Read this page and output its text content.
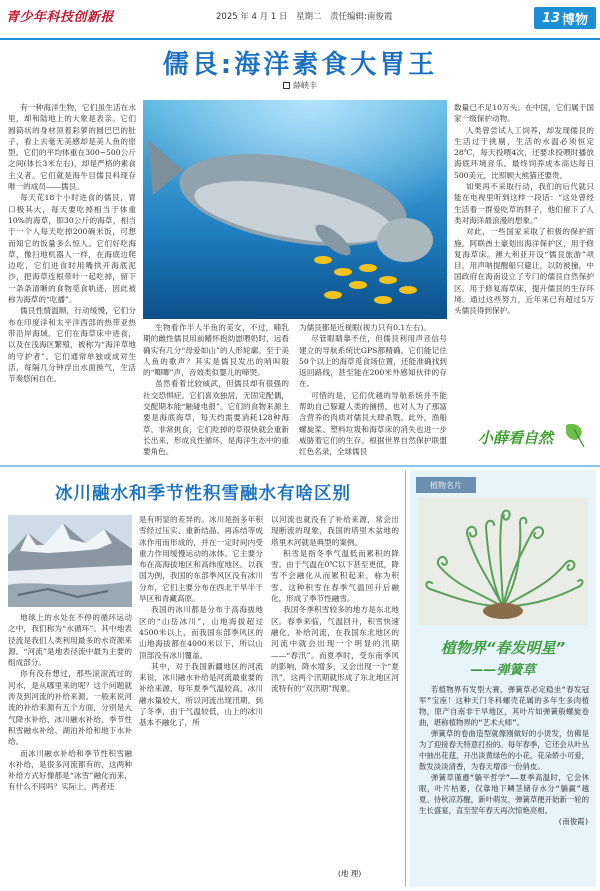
青少年科技创新报	2025 年 4 月 1 日　星期二　责任编辑:南俊霞	13 博物
儒艮:海洋素食大胃王
薛峡丰

有一种海洋生物，它们虽生活在水里，却和陆地上的大象是表亲。它们圆筒状的身材顶着彩萝的圆巴巴的肚子，看上去毫无美感却是美人鱼的原型。它们的平均体重在300~500公斤之间(体长3米左右)，却是严格的素食主义者。它们就是海牛目儒艮科现存唯一的成员——儒艮。

每天花18个小时进食的儒艮，胃口极其大，每天要吃掉相当于体重10%的海草，即30公斤的海草，相当于一个人每天吃掉200碗米饭，可想而知它的饭量多么惊人。它们好吃海草，像扫地机器人一样，在海底边爬边吃，它们进食时用嘴拱开海底泥沙，把海草连根带叶一起吃掉，留下一条条清晰的食物觅食轨迹，因此被称为海草的“吃播”。

儒艮性情温顺，行动缓慢，它们分布在印度洋和太平洋西部的热带亚热带沿岸海域。它们在海草床中进食，以及在浅海区繁殖，被称为“海洋草地的守护者”。它们通常单独或成对生活，每隔几分钟浮出水面换气，生活节奏悠闲自在。

生物看作半人半鱼的美女，不过，哺乳期的雌性儒艮用前鳍怀抱幼崽喂奶时，远看确实有几分“母爱如山”的人形轮廓。至于美人鱼的歌声？其实是儒艮发出的哨叫般的“唧唧”声，音效类似婴儿的啼哭。

虽然看着比较威武，但儒艮却有很强的社交恐惧症。它们喜欢独居，无固定配偶，交配期本能“触碰电报”。它们的食物来源主要是海底海草，每天约需要消耗128种海草，非常挑食，它们吃掉的草很快就会重新长出来，形成良性循环，是海洋生态中的重要角色。

为儒艮都是近视眼(视力只有0.1左右)。

尽管眼睛靠不住，但儒艮利用声音信号建立的导航系统比GPS都精确。它们能记住50个以上的海草觅食场位置，还能准确找到返回路线，甚至能在200米外感知伙伴的存在。

可惜的是，它们优越的导航系统并不能帮助自己躲避人类的捕捞，也对人为了那富含营养的肉质对儒艮大肆杀戮。此外，渔船螺旋桨、塑料垃圾和海草床的消失也进一步威胁着它们的生存。根据世界自然保护联盟红色名录，全球儒艮

数量已不足10万头。在中国，它们属于国家一级保护动物。

人类曾尝试人工饲养，却发现儒艮的生活过于挑剔，生活的水温必须恒定28℃，每天投喂4次，还要求投喂时播放海底环境音乐。最终饲养成本高达每日500美元，比照顾大熊猫还要贵。

如果再不采取行动，我们的后代就只能在电视里听到这样一段话：“这处曾经生活着一群爱吃草的胖子，他们留下了人类对海洋最浪漫的想象。”

对此，一些国家采取了积极的保护措施。阿联酋土豪划出海洋保护区，用于修复海草床。澳大利亚开设“儒艮旅游”项目，用声呐提醒船只避让，以防被撞，中国政府在海南设立了专门的儒艮自然保护区，用于修复海草床，提升儒艮的生存环境。通过这些努力，近年来已有超过5万头儒艮得到保护。

小薛看自然
冰川融水和季节性积雪融水有啥区别

地球上的水处在不停的循环运动之中，我们称为“水循环”。其中地表径流是我们人类利用最多的水资源来源。“河流”是地表径流中最为主要的组成部分。

你有没有想过，那些滚滚流过的河水，是从哪里来的呢？这个问题就涉及到河流的补给来源。一般来说河流的补给来源有五个方面，分别是大气降水补给、冰川融水补给、季节性积雪融水补给、湖泊补给和地下水补给。

而冰川融水补给和季节性积雪融水补给，是很多河流都有的，这两种补给方式好像都是“冰雪”融化而来，有什么不同吗？实际上，两者还

是有明显的差异的。冰川是指多年积雪经过压实、重新结晶、再冻结等成冰作用而形成的，并在一定时间内受重力作用缓慢运动的冰体。它主要分布在高海拔地区和高纬度地区。以我国为例，我国的东部季风区没有冰川分布，它们主要分布在西北干旱半干旱区和青藏高原。

我国的冰川都是分布于高海拔地区的“山岳冰川”，山地海拔超过4500米以上，而我国东部季风区的山地海拔都在4000米以下，所以山顶部没有冰川覆盖。

其中，对于我国新疆地区的河流来说，冰川融水补给是河流最重要的补给来源，每年夏季气温较高，冰川融水量较大，所以河流出现汛期。到了冬季，由于气温较低，山上的冰川基本不融化了，所

以河流也就没有了补给来源，常会出现断流的现象，我国的塔里木盆地的塔里木河就是典型的案例。

积雪是指冬季气温低而累积的降雪。由于气温在0℃以下甚至更低，降雪不会融化从而累积起来，称为积雪。这种积雪在春季气温回升后融化，形成了季节性融雪。

我国冬季积雪较多的地方是东北地区。春季来临，气温回升，积雪快速融化，补给河流，在我国东北地区的河流中就会出现一个明显的汛期——“春汛”。而夏季时，受东南季风的影响，降水增多，又会出现一个“夏汛”，这两个汛期就形成了东北地区河流特有的“双汛期”现象。

(地 理)
植物名片
植物界“春发明星”
——弹簧草

若植物界有发型大赛，弹簧草必定稳坐“春发冠军”宝座！这种天门冬科螺壳花属的多年生多肉植物，原产自南非干旱地区，其叶片如弹簧般螺旋卷曲，堪称植物界的“艺术大师”。

弹簧草的卷曲造型就像刚做好的小烫发，仿佛是为了迎接春天特意打扮的。每年春季，它还会从叶丛中抽出花莛，开出淡黄绿色的小花，花朵娇小可爱，散发淡淡清香，为春天增添一份俏皮。

弹簧草谨遵“躺平哲学”——夏季高温时，它会休眠，叶片枯萎，仅靠地下鳞茎储存水分“躺赢”越夏。待秋凉苏醒，新叶萌发，弹簧草便开始新一轮的生长盛宴，直至翌年春天再次惊艳亮相。

(南俊霞)
